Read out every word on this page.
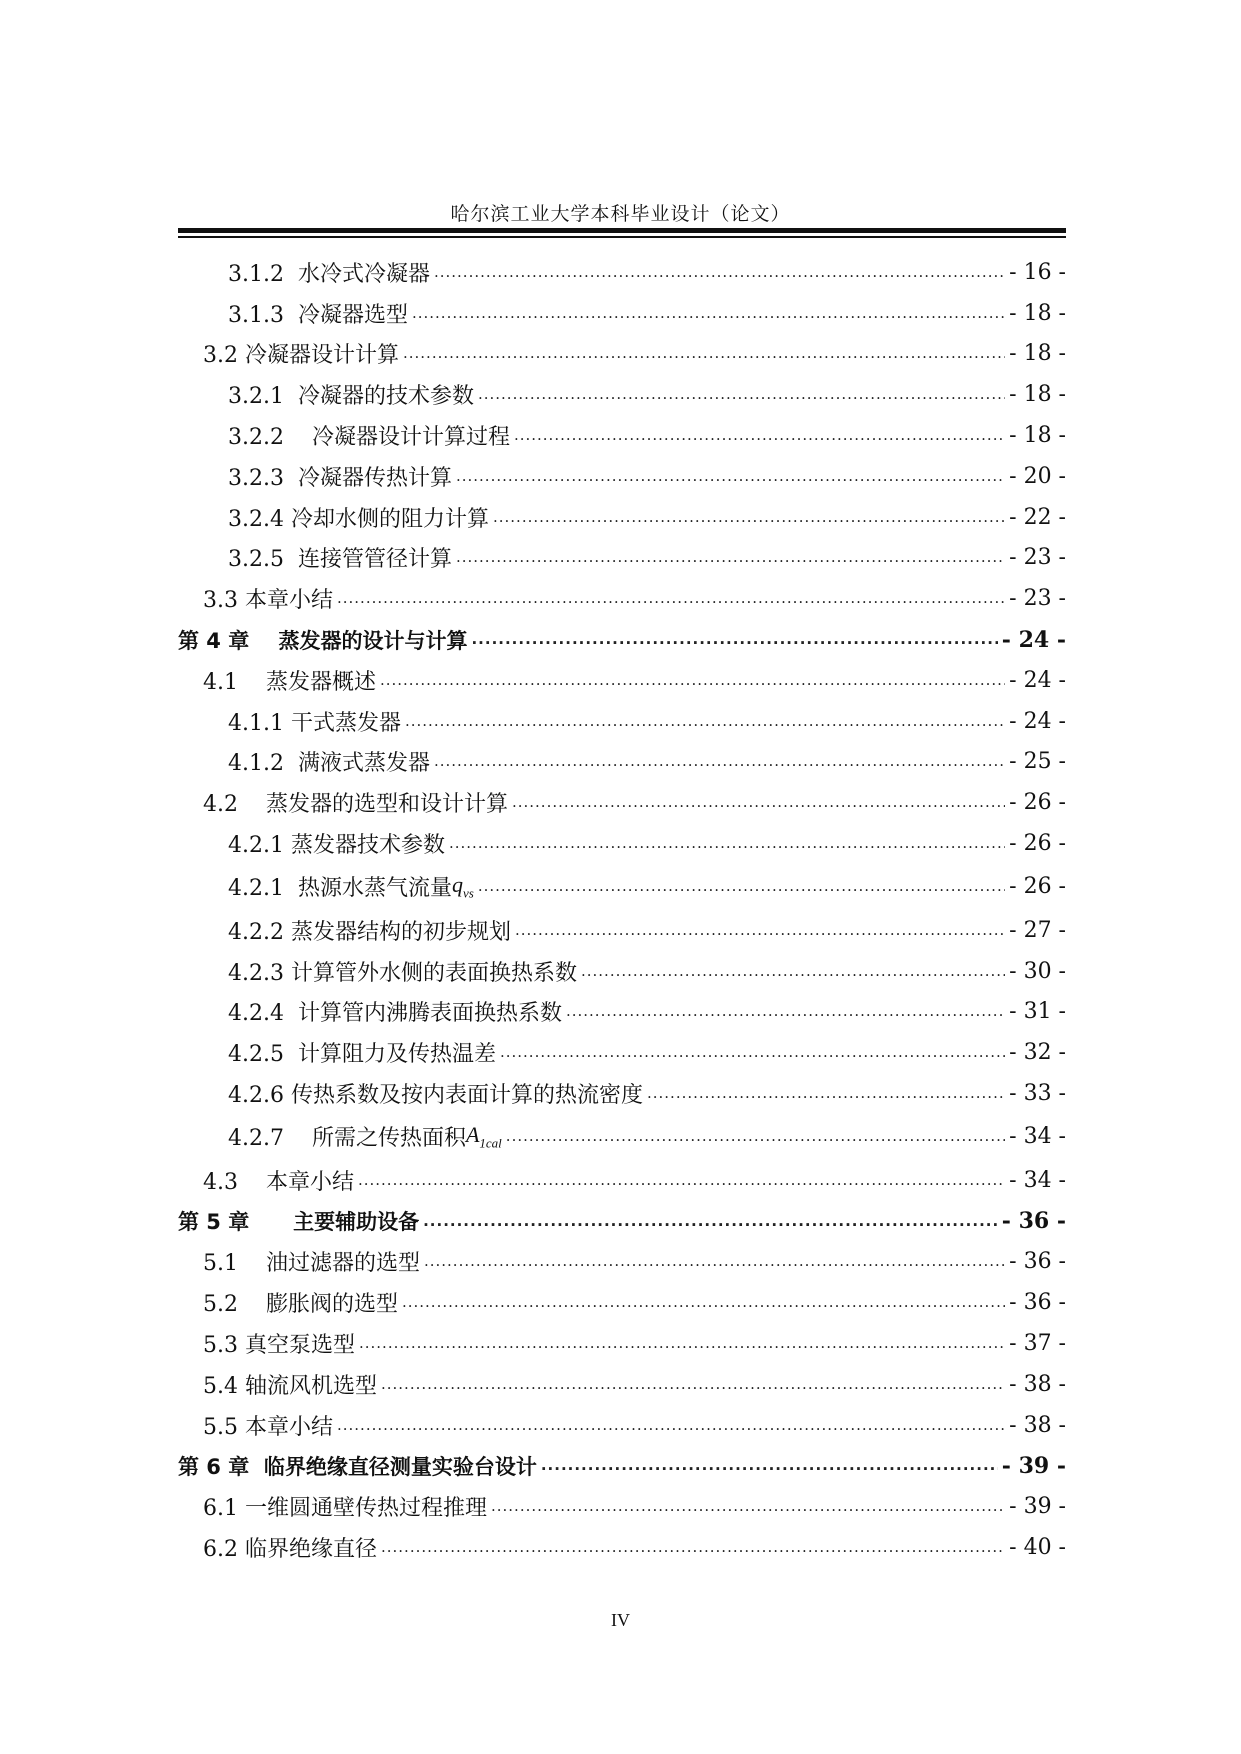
哈尔滨工业大学本科毕业设计（论文）
3.1.2  水冷式冷凝器 .....	- 16 -
3.1.3  冷凝器选型 .....	- 18 -
3.2 冷凝器设计计算 .....	- 18 -
3.2.1  冷凝器的技术参数 .....	- 18 -
3.2.2    冷凝器设计计算过程 .....	- 18 -
3.2.3  冷凝器传热计算 .....	- 20 -
3.2.4 冷却水侧的阻力计算 .....	- 22 -
3.2.5  连接管管径计算 .....	- 23 -
3.3 本章小结 .....	- 23 -
第 4 章    蒸发器的设计与计算 .....	- 24 -
4.1    蒸发器概述 .....	- 24 -
4.1.1 干式蒸发器 .....	- 24 -
4.1.2  满液式蒸发器 .....	- 25 -
4.2    蒸发器的选型和设计计算 .....	- 26 -
4.2.1 蒸发器技术参数 .....	- 26 -
4.2.1  热源水蒸气流量 $q_{vs}$ .....	- 26 -
4.2.2 蒸发器结构的初步规划 .....	- 27 -
4.2.3 计算管外水侧的表面换热系数 .....	- 30 -
4.2.4  计算管内沸腾表面换热系数 .....	- 31 -
4.2.5  计算阻力及传热温差 .....	- 32 -
4.2.6 传热系数及按内表面计算的热流密度 .....	- 33 -
4.2.7    所需之传热面积 $A_{1cal}$ .....	- 34 -
4.3    本章小结 .....	- 34 -
第 5 章      主要辅助设备 .....	- 36 -
5.1    油过滤器的选型 .....	- 36 -
5.2    膨胀阀的选型 .....	- 36 -
5.3 真空泵选型 .....	- 37 -
5.4 轴流风机选型 .....	- 38 -
5.5 本章小结 .....	- 38 -
第 6 章  临界绝缘直径测量实验台设计 .....	- 39 -
6.1 一维圆通壁传热过程推理 .....	- 39 -
6.2 临界绝缘直径 .....	- 40 -
IV
